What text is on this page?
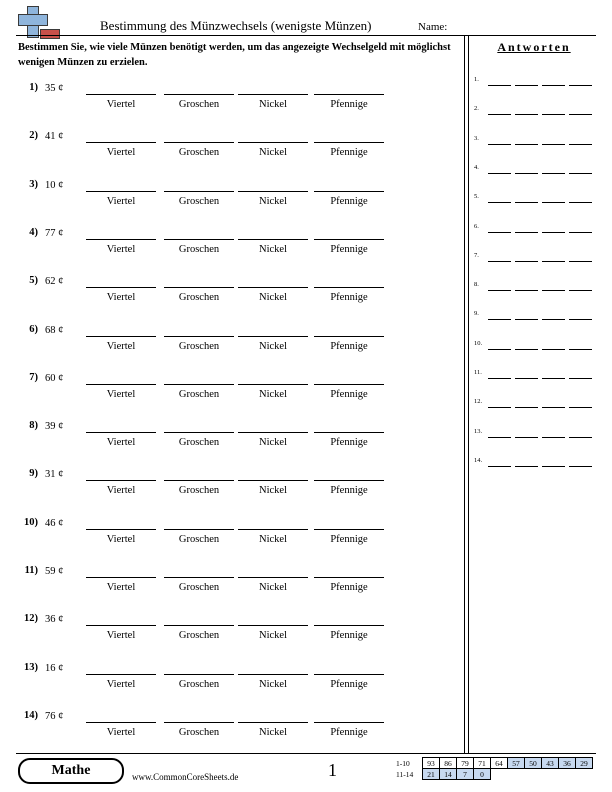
Bestimmung des Münzwechsels (wenigste Münzen)	Name:
Bestimmen Sie, wie viele Münzen benötigt werden, um das angezeigte Wechselgeld mit möglichst wenigen Münzen zu erzielen.
1) 35 ¢
Viertel	Groschen	Nickel	Pfennige
2) 41 ¢
Viertel	Groschen	Nickel	Pfennige
3) 10 ¢
Viertel	Groschen	Nickel	Pfennige
4) 77 ¢
Viertel	Groschen	Nickel	Pfennige
5) 62 ¢
Viertel	Groschen	Nickel	Pfennige
6) 68 ¢
Viertel	Groschen	Nickel	Pfennige
7) 60 ¢
Viertel	Groschen	Nickel	Pfennige
8) 39 ¢
Viertel	Groschen	Nickel	Pfennige
9) 31 ¢
Viertel	Groschen	Nickel	Pfennige
10) 46 ¢
Viertel	Groschen	Nickel	Pfennige
11) 59 ¢
Viertel	Groschen	Nickel	Pfennige
12) 36 ¢
Viertel	Groschen	Nickel	Pfennige
13) 16 ¢
Viertel	Groschen	Nickel	Pfennige
14) 76 ¢
Viertel	Groschen	Nickel	Pfennige
Antworten
1.
2.
3.
4.
5.
6.
7.
8.
9.
10.
11.
12.
13.
14.
Mathe	www.CommonCoreSheets.de	1	1-10	93	86	79	71	64	57	50	43	36	29
11-14	21	14	7	0						
